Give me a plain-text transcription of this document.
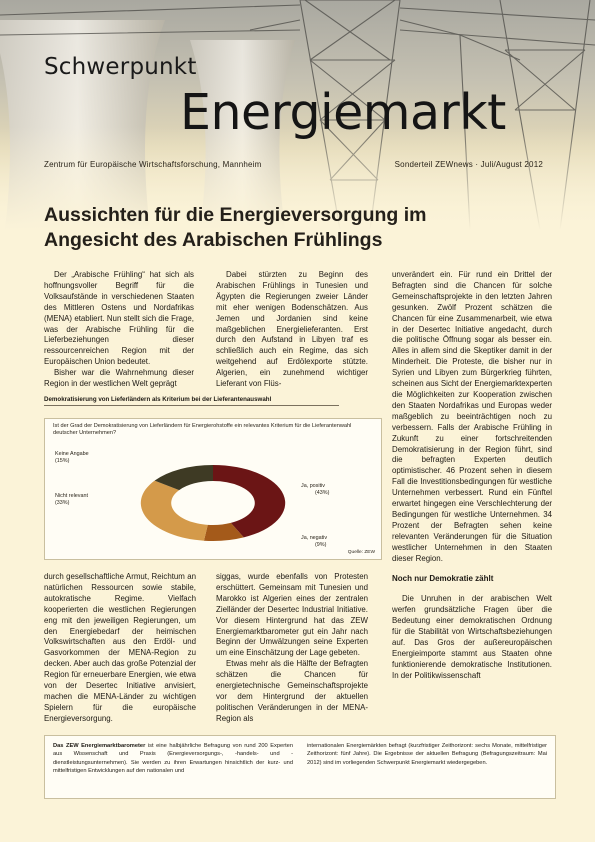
Schwerpunkt
Energiemarkt
Zentrum für Europäische Wirtschaftsforschung, Mannheim	Sonderteil ZEWnews · Juli/August 2012
Aussichten für die Energieversorgung im
Angesicht des Arabischen Frühlings

Der „Arabische Frühling“ hat sich als hoffnungsvoller Begriff für die Volksaufstände in verschiedenen Staaten des Mittleren Ostens und Nordafrikas (MENA) etabliert. Nun stellt sich die Frage, was der Arabische Frühling für die Lieferbeziehungen dieser ressourcenreichen Region mit der Europäischen Union bedeutet.

Bisher war die Wahrnehmung dieser Region in der westlichen Welt geprägt

Dabei stürzten zu Beginn des Arabischen Frühlings in Tunesien und Ägypten die Regierungen zweier Länder mit eher wenigen Bodenschätzen. Aus Jemen und Jordanien sind keine maßgeblichen Energielieferanten. Erst durch den Aufstand in Libyen traf es schließlich auch ein Regime, das sich weitgehend auf Erdölexporte stützte. Algerien, ein zunehmend wichtiger Lieferant von Flüs-

Demokratisierung von Lieferländern als Kriterium bei der Lieferantenauswahl
Ist der Grad der Demokratisierung von Lieferländern für Energierohstoffe ein relevantes Kriterium für die Lieferantenwahl deutscher Unternehmen?
Keine Angabe
(15%)
Nicht relevant
(33%)
Ja, positiv
(43%)
Ja, negativ
(9%)
Quelle: ZEW

durch gesellschaftliche Armut, Reichtum an natürlichen Ressourcen sowie stabile, autokratische Regime. Vielfach kooperierten die westlichen Regierungen eng mit den jeweiligen Regierungen, um den Energiebedarf der heimischen Volkswirtschaften aus den Erdöl- und Gasvorkommen der MENA-Region zu decken. Aber auch das große Potenzial der Region für erneuerbare Energien, wie etwa von der Desertec Initiative anvisiert, machen die MENA-Länder zu wichtigen Spielern für die europäische Energieversorgung.

siggas, wurde ebenfalls von Protesten erschüttert. Gemeinsam mit Tunesien und Marokko ist Algerien eines der zentralen Zielländer der Desertec Industrial Initiative. Vor diesem Hintergrund hat das ZEW Energiemarktbarometer gut ein Jahr nach Beginn der Umwälzungen seine Experten um eine Einschätzung der Lage gebeten.

Etwas mehr als die Hälfte der Befragten schätzen die Chancen für energietechnische Gemeinschaftsprojekte vor dem Hintergrund der aktuellen politischen Veränderungen in der MENA-Region als

unverändert ein. Für rund ein Drittel der Befragten sind die Chancen für solche Gemeinschaftsprojekte in den letzten Jahren gesunken. Zwölf Prozent schätzen die Chancen für eine Zusammenarbeit, wie etwa in der Desertec Initiative angedacht, durch die politische Öffnung sogar als besser ein. Alles in allem sind die Skeptiker damit in der Minderheit. Die Proteste, die bisher nur in Syrien und Libyen zum Bürgerkrieg führten, scheinen aus Sicht der Energiemarktexperten die Möglichkeiten zur Kooperation zwischen den Staaten Nordafrikas und Europas weder maßgeblich zu beeinträchtigen noch zu verbessern. Falls der Arabische Frühling in Zukunft zu einer fortschreitenden Demokratisierung in der Region führt, sind die befragten Experten deutlich optimistischer. 46 Prozent sehen in diesem Fall die Investitionsbedingungen für westliche Unternehmen verbessert. Rund ein Fünftel erwartet hingegen eine Verschlechterung der Bedingungen für westliche Unternehmen. 34 Prozent der Befragten sehen keine relevanten Veränderungen für die Situation westlicher Unternehmen in den Staaten dieser Region.

Noch nur Demokratie zählt

Die Unruhen in der arabischen Welt werfen grundsätzliche Fragen über die Bedeutung einer demokratischen Ordnung für die Stabilität von Wirtschaftsbeziehungen auf. Das Gros der außereuropäischen Energieimporte stammt aus Staaten ohne funktionierende demokratische Institutionen. In der Politikwissenschaft

Das ZEW Energiemarktbarometer ist eine halbjährliche Befragung von rund 200 Experten aus Wissenschaft und Praxis (Energieversorgungs-, -handels- und -dienstleistungsunternehmen). Sie werden zu ihren Erwartungen hinsichtlich der kurz- und mittelfristigen Entwicklungen auf den nationalen und
internationalen Energiemärkten befragt (kurzfristiger Zeithorizont: sechs Monate, mittelfristiger Zeithorizont: fünf Jahre). Die Ergebnisse der aktuellen Befragung (Befragungszeitraum: Mai 2012) sind im vorliegenden Schwerpunkt Energiemarkt wiedergegeben.
